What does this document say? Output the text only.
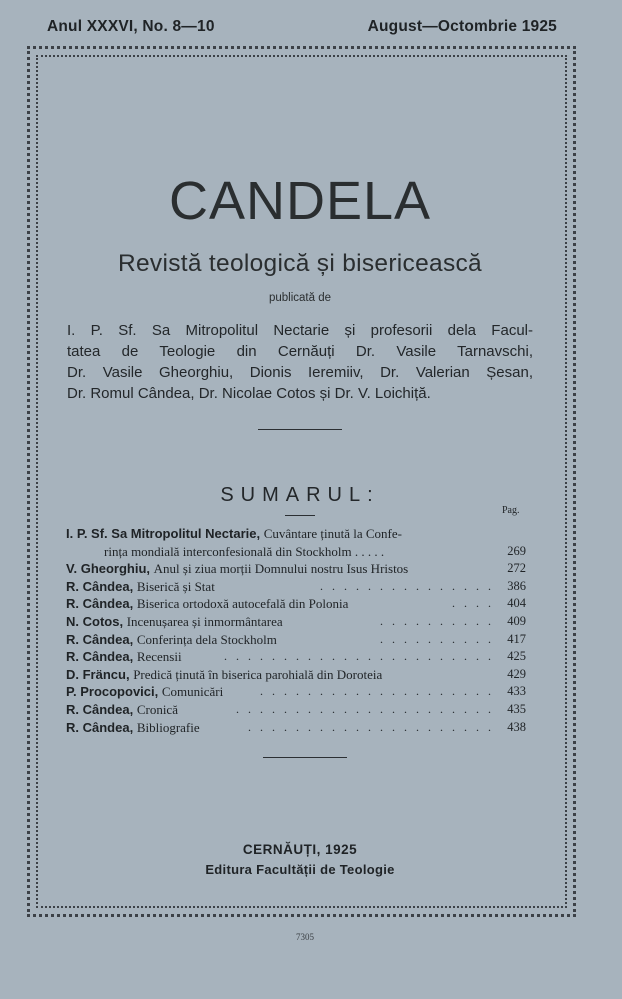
Anul XXXVI, No. 8—10	August—Octombrie 1925
CANDELA
Revistă teologică și bisericească
publicată de
I. P. Sf. Sa Mitropolitul Nectarie și profesorii dela Facul-
tatea de Teologie din Cernăuți Dr. Vasile Tarnavschi,
Dr. Vasile Gheorghiu, Dionis Ieremiiv, Dr. Valerian Șesan,
Dr. Romul Cândea, Dr. Nicolae Cotos și Dr. V. Loichiță.
SUMARUL:
Pag.
I. P. Sf. Sa Mitropolitul Nectarie, Cuvântare ținută la Confe-
rința mondială interconfesională din Stockholm . . . . .	269
V. Gheorghiu, Anul și ziua morții Domnului nostru Isus Hristos	272
R. Cândea, Biserică și Stat	. . . . . . . . . . . . . . . 386
R. Cândea, Biserica ortodoxă autocefală din Polonia	. . . . 404
N. Cotos, Incenușarea și inmormântarea	. . . . . . . . . . 409
R. Cândea, Conferința dela Stockholm	. . . . . . . . . . 417
R. Cândea, Recensii	. . . . . . . . . . . . . . . . . . . . . . . 425
D. Fräncu, Predică ținută în biserica parohială din Doroteia	429
P. Procopovici, Comunicări	. . . . . . . . . . . . . . . . . . . . 433
R. Cândea, Cronică	. . . . . . . . . . . . . . . . . . . . . . 435
R. Cândea, Bibliografie	. . . . . . . . . . . . . . . . . . . . . 438
CERNĂUȚI, 1925
Editura Facultății de Teologie
7305
